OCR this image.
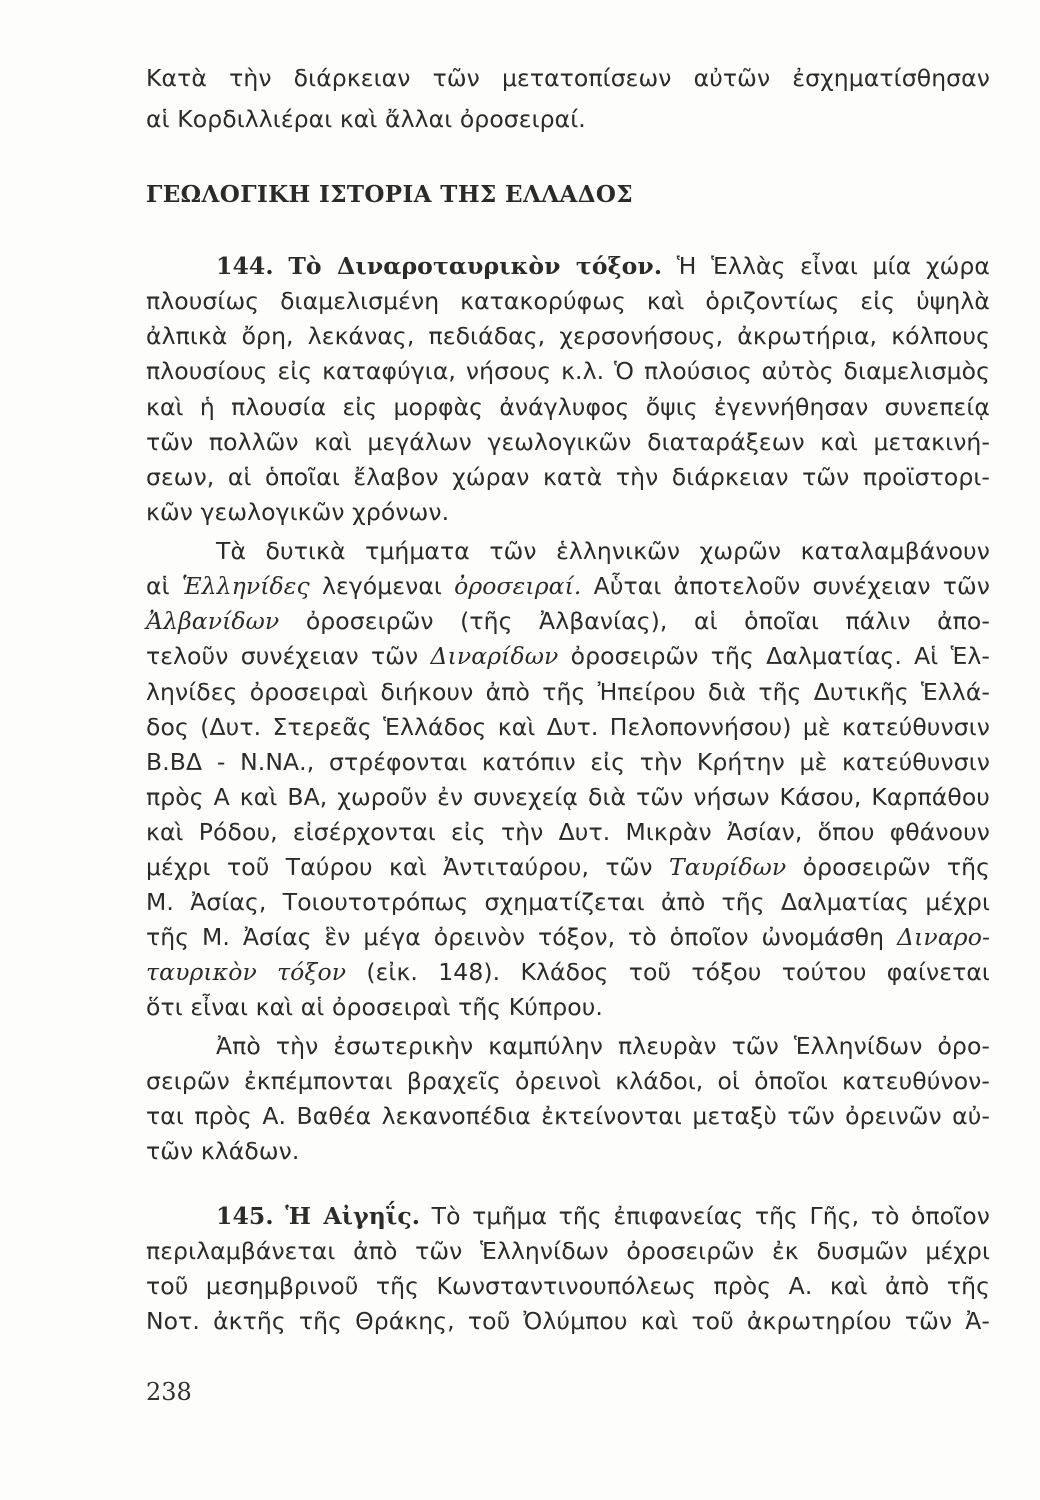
Κατὰ τὴν διάρκειαν τῶν μετατοπίσεων αὐτῶν ἐσχηματίσθησαν
αἱ Κορδιλλιέραι καὶ ἄλλαι ὀροσειραί.
ΓΕΩΛΟΓΙΚΗ ΙΣΤΟΡΙΑ ΤΗΣ ΕΛΛΑΔΟΣ
144. Τὸ Διναροταυρικὸν τόξον. Ἡ Ἑλλὰς εἶναι μία χώρα
πλουσίως διαμελισμένη κατακορύφως καὶ ὁριζοντίως εἰς ὑψηλὰ
ἀλπικὰ ὄρη, λεκάνας, πεδιάδας, χερσονήσους, ἀκρωτήρια, κόλπους
πλουσίους εἰς καταφύγια, νήσους κ.λ. Ὁ πλούσιος αὐτὸς διαμελισμὸς
καὶ ἡ πλουσία εἰς μορφὰς ἀνάγλυφος ὄψις ἐγεννήθησαν συνεπείᾳ
τῶν πολλῶν καὶ μεγάλων γεωλογικῶν διαταράξεων καὶ μετακινή-
σεων, αἱ ὁποῖαι ἔλαβον χώραν κατὰ τὴν διάρκειαν τῶν προϊστορι-
κῶν γεωλογικῶν χρόνων.
Τὰ δυτικὰ τμήματα τῶν ἑλληνικῶν χωρῶν καταλαμβάνουν
αἱ Ἑλληνίδες λεγόμεναι ὀροσειραί. Αὗται ἀποτελοῦν συνέχειαν τῶν
Ἀλβανίδων ὀροσειρῶν (τῆς Ἀλβανίας), αἱ ὁποῖαι πάλιν ἀπο-
τελοῦν συνέχειαν τῶν Διναρίδων ὀροσειρῶν τῆς Δαλματίας. Αἱ Ἑλ-
ληνίδες ὀροσειραὶ διήκουν ἀπὸ τῆς Ἠπείρου διὰ τῆς Δυτικῆς Ἑλλά-
δος (Δυτ. Στερεᾶς Ἑλλάδος καὶ Δυτ. Πελοποννήσου) μὲ κατεύθυνσιν
Β.ΒΔ - Ν.ΝΑ., στρέφονται κατόπιν εἰς τὴν Κρήτην μὲ κατεύθυνσιν
πρὸς Α καὶ ΒΑ, χωροῦν ἐν συνεχείᾳ διὰ τῶν νήσων Κάσου, Καρπάθου
καὶ Ρόδου, εἰσέρχονται εἰς τὴν Δυτ. Μικρὰν Ἀσίαν, ὅπου φθάνουν
μέχρι τοῦ Ταύρου καὶ Ἀντιταύρου, τῶν Ταυρίδων ὀροσειρῶν τῆς
Μ. Ἀσίας, Τοιουτοτρόπως σχηματίζεται ἀπὸ τῆς Δαλματίας μέχρι
τῆς Μ. Ἀσίας ἓν μέγα ὀρεινὸν τόξον, τὸ ὁποῖον ὠνομάσθη Διναρο-
ταυρικὸν τόξον (εἰκ. 148). Κλάδος τοῦ τόξου τούτου φαίνεται
ὅτι εἶναι καὶ αἱ ὀροσειραὶ τῆς Κύπρου.
Ἀπὸ τὴν ἐσωτερικὴν καμπύλην πλευρὰν τῶν Ἑλληνίδων ὀρο-
σειρῶν ἐκπέμπονται βραχεῖς ὀρεινοὶ κλάδοι, οἱ ὁποῖοι κατευθύνον-
ται πρὸς Α. Βαθέα λεκανοπέδια ἐκτείνονται μεταξὺ τῶν ὀρεινῶν αὐ-
τῶν κλάδων.
145. Ἡ Αἰγηΐς. Τὸ τμῆμα τῆς ἐπιφανείας τῆς Γῆς, τὸ ὁποῖον
περιλαμβάνεται ἀπὸ τῶν Ἑλληνίδων ὀροσειρῶν ἐκ δυσμῶν μέχρι
τοῦ μεσημβρινοῦ τῆς Κωνσταντινουπόλεως πρὸς Α. καὶ ἀπὸ τῆς
Νοτ. ἀκτῆς τῆς Θράκης, τοῦ Ὀλύμπου καὶ τοῦ ἀκρωτηρίου τῶν Ἀ-
238
